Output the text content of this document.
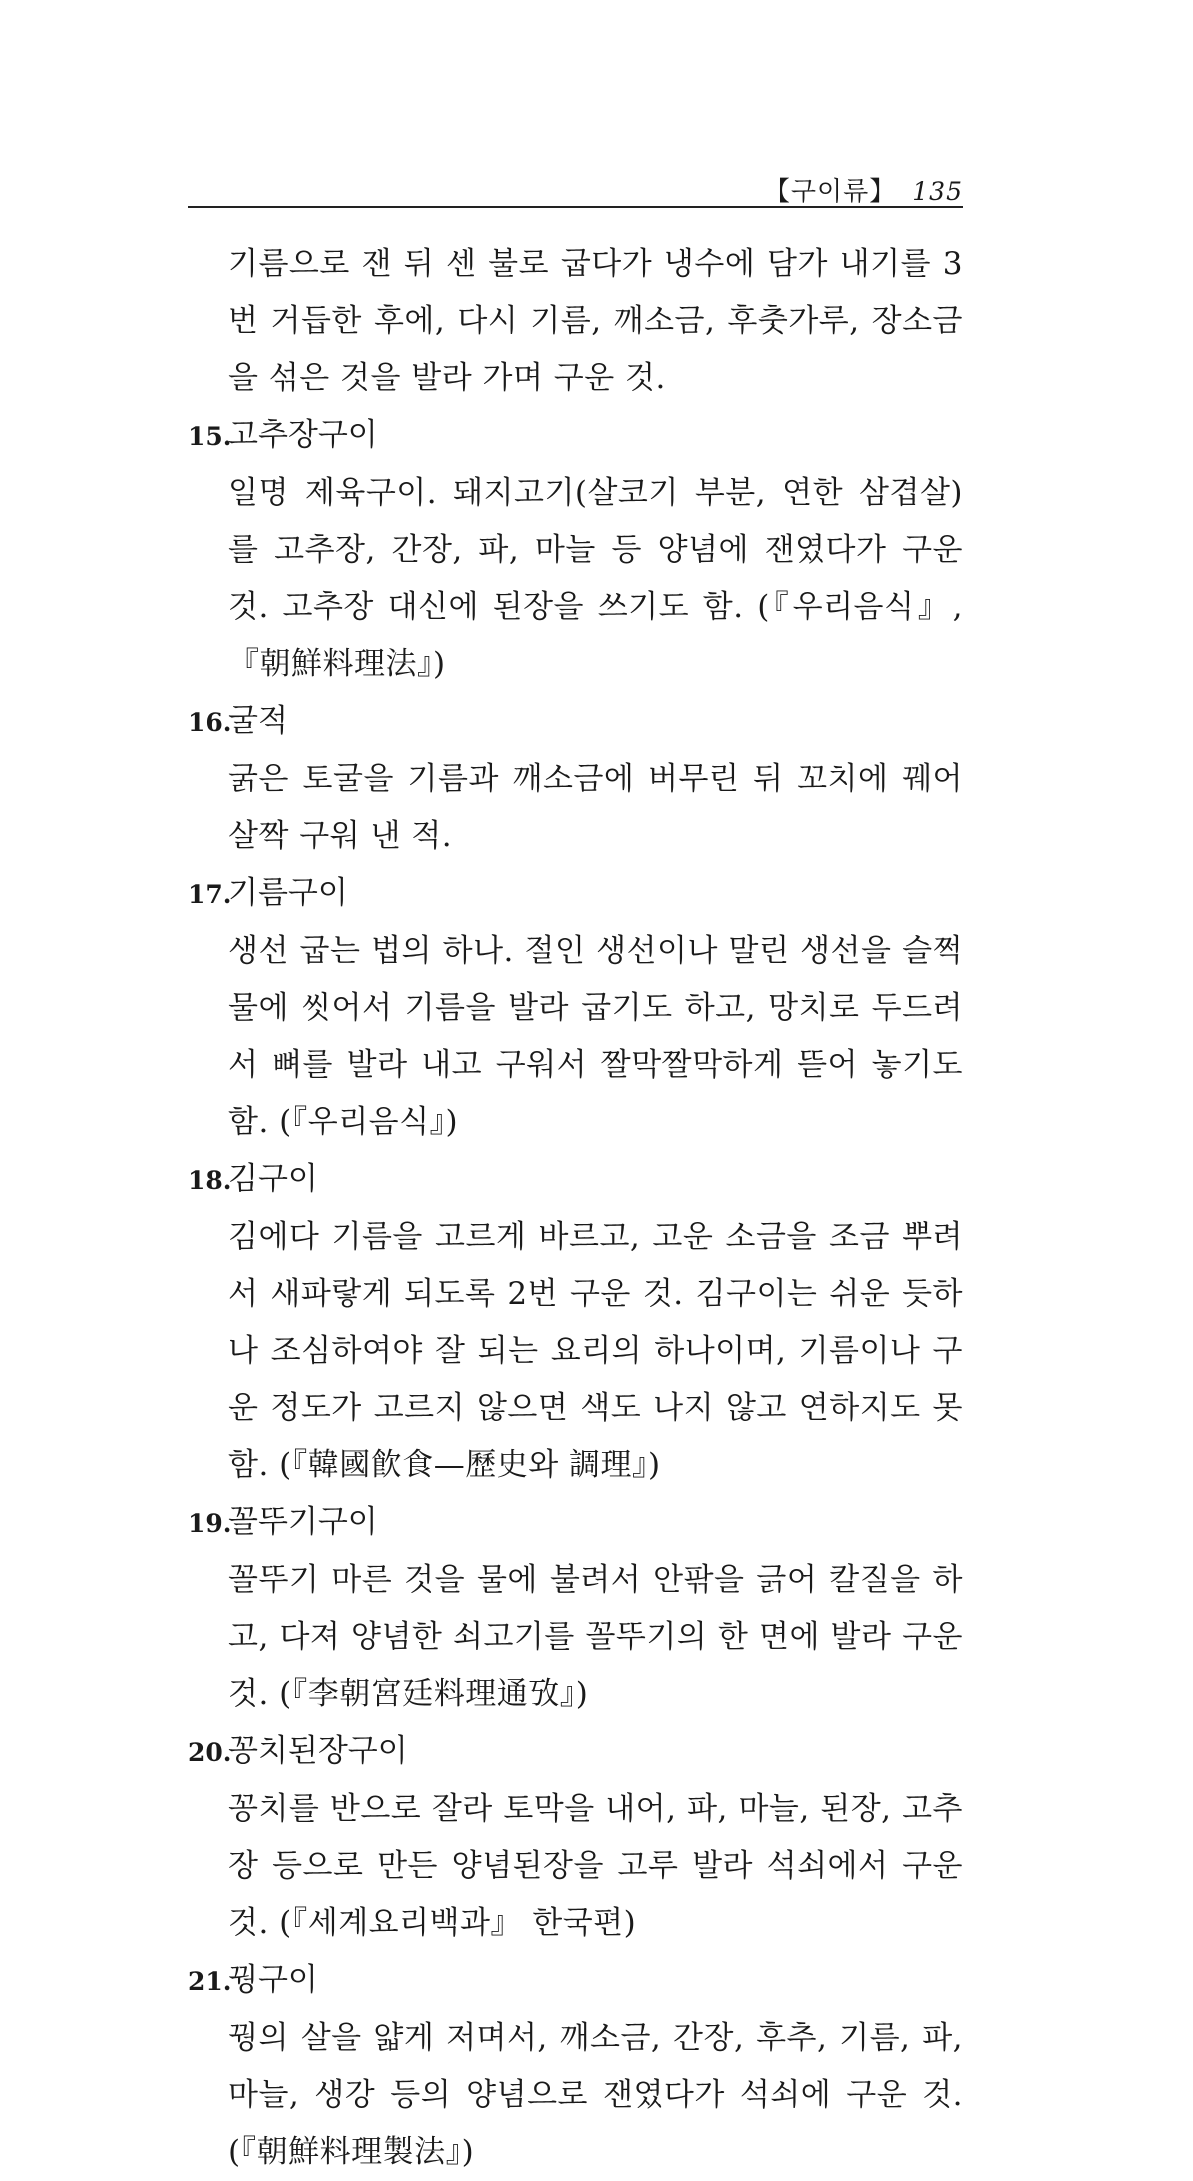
【구이류】 135

기름으로 잰 뒤 센 불로 굽다가 냉수에 담가 내기를 3번 거듭한 후에, 다시 기름, 깨소금, 후춧가루, 장소금을 섞은 것을 발라 가며 구운 것.

15.고추장구이

일명 제육구이. 돼지고기(살코기 부분, 연한 삼겹살)를 고추장, 간장, 파, 마늘 등 양념에 잰였다가 구운 것. 고추장 대신에 된장을 쓰기도 함. (『우리음식』, 『朝鮮料理法』)

16.굴적

굵은 토굴을 기름과 깨소금에 버무린 뒤 꼬치에 꿰어 살짝 구워 낸 적.

17.기름구이

생선 굽는 법의 하나. 절인 생선이나 말린 생선을 슬쩍 물에 씻어서 기름을 발라 굽기도 하고, 망치로 두드려서 뼈를 발라 내고 구워서 짤막짤막하게 뜯어 놓기도 함. (『우리음식』)

18.김구이

김에다 기름을 고르게 바르고, 고운 소금을 조금 뿌려서 새파랗게 되도록 2번 구운 것. 김구이는 쉬운 듯하나 조심하여야 잘 되는 요리의 하나이며, 기름이나 구운 정도가 고르지 않으면 색도 나지 않고 연하지도 못함. (『韓國飮食—歷史와 調理』)

19.꼴뚜기구이

꼴뚜기 마른 것을 물에 불려서 안팎을 긁어 칼질을 하고, 다져 양념한 쇠고기를 꼴뚜기의 한 면에 발라 구운 것. (『李朝宮廷料理通攷』)

20.꽁치된장구이

꽁치를 반으로 잘라 토막을 내어, 파, 마늘, 된장, 고추장 등으로 만든 양념된장을 고루 발라 석쇠에서 구운 것. (『세계요리백과』 한국편)

21.꿩구이

꿩의 살을 얇게 저며서, 깨소금, 간장, 후추, 기름, 파, 마늘, 생강 등의 양념으로 잰였다가 석쇠에 구운 것. (『朝鮮料理製法』)
